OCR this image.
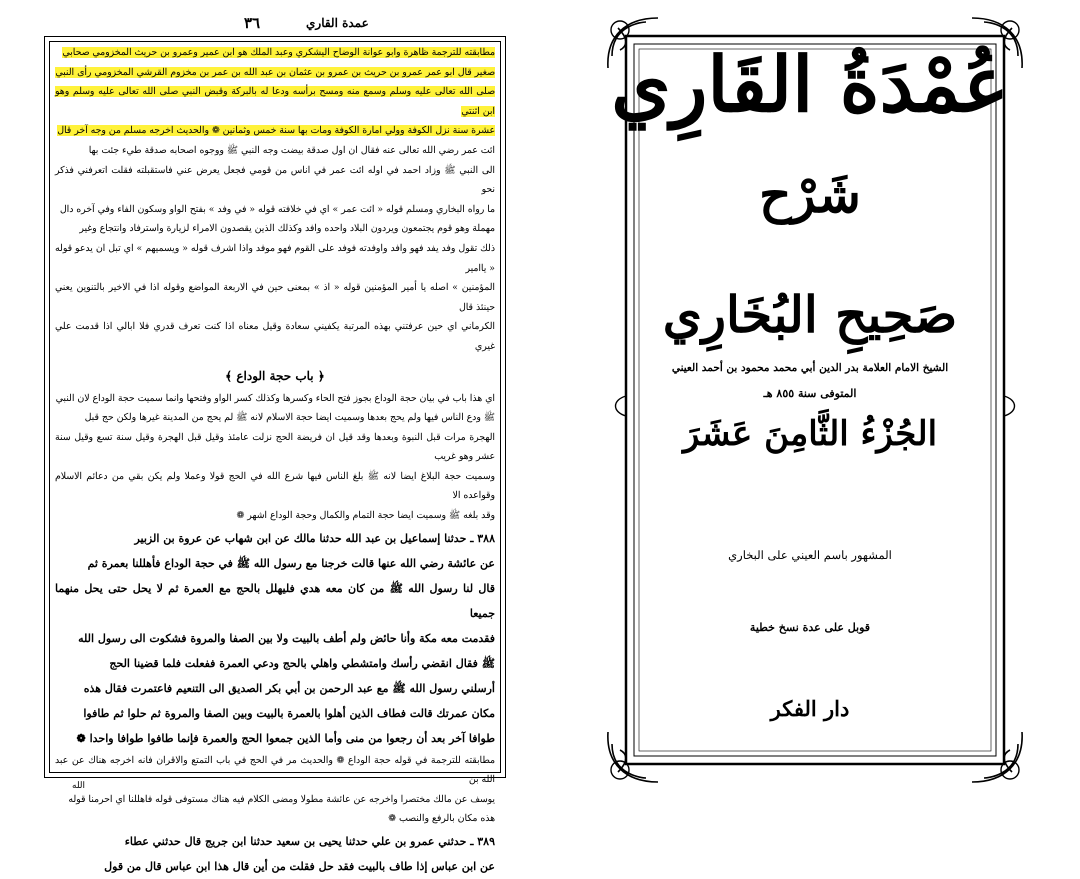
٣٦	عمدة القاري

مطابقته للترجمة ظاهرة وابو عوانة الوضاح اليشكري وعبد الملك هو ابن عمير وعمرو بن حريث المخزومي صحابي
صغير قال ابو عمر عمرو بن حريث بن عمرو بن عثمان بن عبد الله بن عمر بن مخزوم القرشي المخزومي رأى النبي
صلى الله تعالى عليه وسلم وسمع منه ومسح برأسه ودعا له بالبركة وقبض النبي صلى الله تعالى عليه وسلم وهو ابن اثنتي
عشرة سنة نزل الكوفة وولي امارة الكوفة ومات بها سنة خمس وثمانين ❁ والحديث اخرجه مسلم من وجه آخر قال

ائت عمر رضي الله تعالى عنه فقال ان اول صدقة بيضت وجه النبي ﷺ ووجوه اصحابه صدقة طيء جئت بها
الى النبي ﷺ وزاد احمد في اوله ائت عمر في اناس من قومي فجعل يعرض عني فاستقبلته فقلت اتعرفني فذكر نحو
ما رواه البخاري ومسلم قوله « ائت عمر » اي في خلافته قوله « في وفد » بفتح الواو وسكون الفاء وفي آخره دال
مهملة وهو قوم يجتمعون ويردون البلاد واحده وافد وكذلك الذين يقصدون الامراء لزيارة واسترفاد وانتجاع وغير
ذلك تقول وفد يفد فهو وافد واوفدته فوفد على القوم فهو موفد واذا اشرف قوله « ويسميهم » اي تبل ان يدعو قوله « ياامير
المؤمنين » اصله يا أمير المؤمنين قوله « اذ » بمعنى حين في الاربعة المواضع وقوله اذا في الاخير بالتنوين يعني حينئذ قال
الكرماني اي حين عرفتني بهذه المرتبة يكفيني سعادة وقيل معناه اذا كنت تعرف قدري فلا ابالي اذا قدمت علي غيري

﴿ باب حجة الوداع ﴾

اي هذا باب في بيان حجة الوداع بجوز فتح الحاء وكسرها وكذلك كسر الواو وفتحها وانما سميت حجة الوداع لان النبي
ﷺ ودع الناس فيها ولم يحج بعدها وسميت ايضا حجة الاسلام لانه ﷺ لم يحج من المدينة غيرها ولكن حج قبل
الهجرة مرات قبل النبوة وبعدها وقد قيل ان فريضة الحج نزلت عامئذ وقيل قبل الهجرة وقيل سنة تسع وقيل سنة عشر وهو غريب
وسميت حجة البلاغ ايضا لانه ﷺ بلغ الناس فيها شرع الله في الحج قولا وعملا ولم يكن بقي من دعائم الاسلام وقواعده الا
وقد بلغه ﷺ وسميت ايضا حجة التمام والكمال وحجة الوداع اشهر ❁

٣٨٨ ـ حدثنا إسماعيل بن عبد الله حدثنا مالك عن ابن شهاب عن عروة بن الزبير
عن عائشة رضي الله عنها قالت خرجنا مع رسول الله ﷺ في حجة الوداع فأهللنا بعمرة ثم
قال لنا رسول الله ﷺ من كان معه هدي فليهلل بالحج مع العمرة ثم لا يحل حتى يحل منهما جميعا
فقدمت معه مكة وأنا حائض ولم أطف بالبيت ولا بين الصفا والمروة فشكوت الى رسول الله
ﷺ فقال انقضي رأسك وامتشطي واهلي بالحج ودعي العمرة ففعلت فلما قضينا الحج
أرسلني رسول الله ﷺ مع عبد الرحمن بن أبي بكر الصديق الى التنعيم فاعتمرت فقال هذه
مكان عمرتك قالت فطاف الذين أهلوا بالعمرة بالبيت وبين الصفا والمروة ثم حلوا ثم طافوا
طوافا آخر بعد أن رجعوا من منى وأما الذين جمعوا الحج والعمرة فإنما طافوا طوافا واحدا ❁

مطابقته للترجمة في قوله حجة الوداع ❁ والحديث مر في الحج في باب التمتع والاقران فانه اخرجه هناك عن عبد الله بن
يوسف عن مالك مختصرا واخرجه عن عائشة مطولا ومضى الكلام فيه هناك مستوفى قوله فاهللنا اي احرمنا قوله
هذه مكان بالرفع والنصب ❁

٣٨٩ ـ حدثني عمرو بن علي حدثنا يحيى بن سعيد حدثنا ابن جريج قال حدثني عطاء
عن ابن عباس إذا طاف بالبيت فقد حل فقلت من أين قال هذا ابن عباس قال من قول

الله
عُمْدَةُ القَارِي
شَرْح
صَحِيحِ البُخَارِي
الشيخ الامام العلامة بدر الدين أبي محمد محمود بن أحمد العيني
المتوفى سنة ٨٥٥ هـ
الجُزْءُ الثَّامِنَ عَشَرَ
المشهور باسم العيني على البخاري
قوبل على عدة نسخ خطية
دار الفكر
